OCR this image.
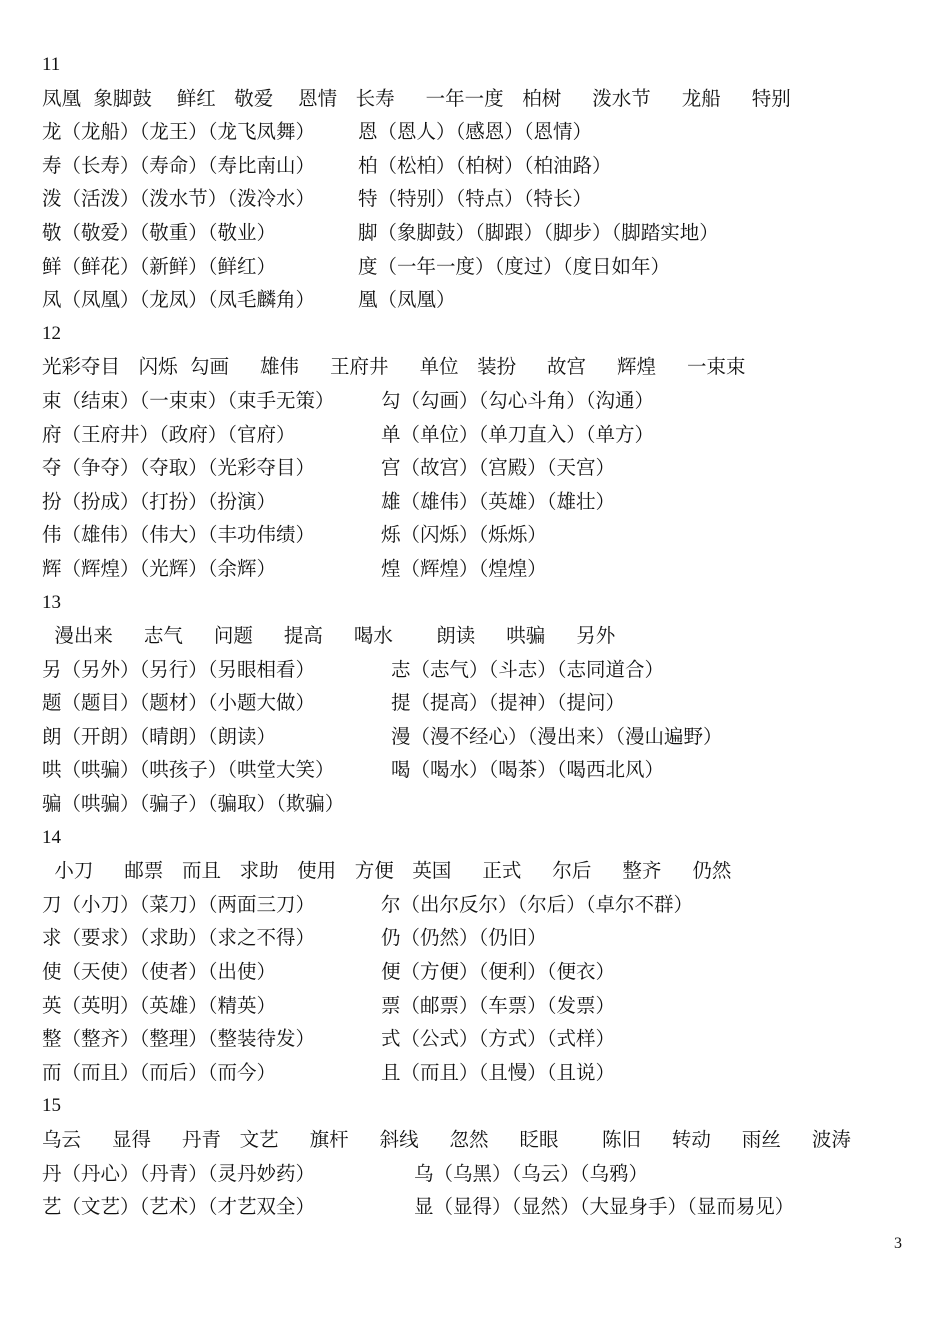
11
凤凰  象脚鼓    鲜红   敬爱    恩情   长寿     一年一度   柏树     泼水节     龙船     特别
龙（龙船）（龙王）（龙飞凤舞）	恩（恩人）（感恩）（恩情）
寿（长寿）（寿命）（寿比南山）	柏（松柏）（柏树）（柏油路）
泼（活泼）（泼水节）（泼冷水）	特（特别）（特点）（特长）
敬（敬爱）（敬重）（敬业）	脚（象脚鼓）（脚跟）（脚步）（脚踏实地）
鲜（鲜花）（新鲜）（鲜红）	度（一年一度）（度过）（度日如年）
凤（凤凰）（龙凤）（凤毛麟角）	凰（凤凰）
12
光彩夺目   闪烁  勾画     雄伟     王府井     单位   装扮     故宫     辉煌     一束束
束（结束）（一束束）（束手无策）	勾（勾画）（勾心斗角）（沟通）
府（王府井）（政府）（官府）	单（单位）（单刀直入）（单方）
夺（争夺）（夺取）（光彩夺目）	宫（故宫）（宫殿）（天宫）
扮（扮成）（打扮）（扮演）	雄（雄伟）（英雄）（雄壮）
伟（雄伟）（伟大）（丰功伟绩）	烁（闪烁）（烁烁）
辉（辉煌）（光辉）（余辉）	煌（辉煌）（煌煌）
13
漫出来     志气     问题     提高     喝水       朗读     哄骗     另外
另（另外）（另行）（另眼相看）	志（志气）（斗志）（志同道合）
题（题目）（题材）（小题大做）	提（提高）（提神）（提问）
朗（开朗）（晴朗）（朗读）	漫（漫不经心）（漫出来）（漫山遍野）
哄（哄骗）（哄孩子）（哄堂大笑）	喝（喝水）（喝茶）（喝西北风）
骗（哄骗）（骗子）（骗取）（欺骗）
14
小刀     邮票   而且   求助   使用   方便   英国     正式     尔后     整齐     仍然
刀（小刀）（菜刀）（两面三刀）	尔（出尔反尔）（尔后）（卓尔不群）
求（要求）（求助）（求之不得）	仍（仍然）（仍旧）
使（天使）（使者）（出使）	便（方便）（便利）（便衣）
英（英明）（英雄）（精英）	票（邮票）（车票）（发票）
整（整齐）（整理）（整装待发）	式（公式）（方式）（式样）
而（而且）（而后）（而今）	且（而且）（且慢）（且说）
15
乌云     显得     丹青   文艺     旗杆     斜线     忽然     眨眼       陈旧     转动     雨丝     波涛
丹（丹心）（丹青）（灵丹妙药）	乌（乌黑）（乌云）（乌鸦）
艺（文艺）（艺术）（才艺双全）	显（显得）（显然）（大显身手）（显而易见）
3
